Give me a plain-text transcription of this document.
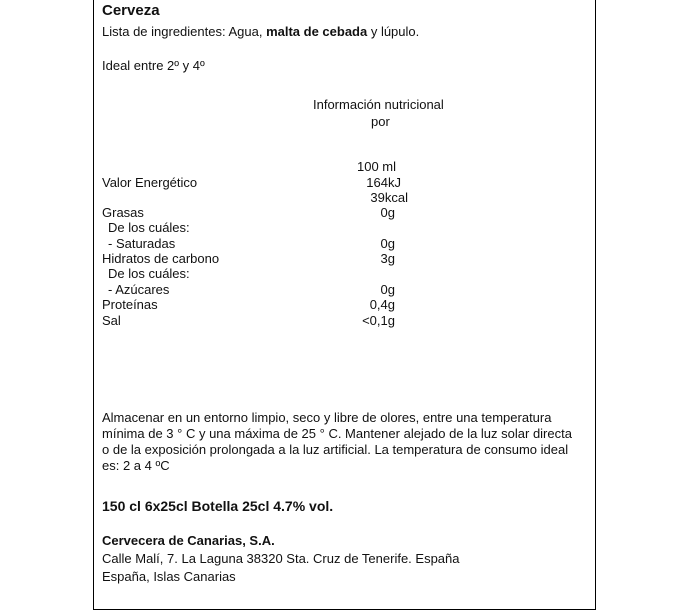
Cerveza
Lista de ingredientes: Agua, malta de cebada y lúpulo.
Ideal entre 2º y 4º
Información nutricional
por
100 ml
Valor Energético	164kJ
39kcal
Grasas	0g
De los cuáles:
- Saturadas	0g
Hidratos de carbono	3g
De los cuáles:
- Azúcares	0g
Proteínas	0,4g
Sal	<0,1g
Almacenar en un entorno limpio, seco y libre de olores, entre una temperatura
mínima de 3 ° C y una máxima de 25 ° C. Mantener alejado de la luz solar directa
o de la exposición prolongada a la luz artificial. La temperatura de consumo ideal
es: 2 a 4 ºC
150 cl 6x25cl Botella 25cl 4.7% vol.
Cervecera de Canarias, S.A.
Calle Malí, 7. La Laguna 38320 Sta. Cruz de Tenerife. España
España, Islas Canarias
